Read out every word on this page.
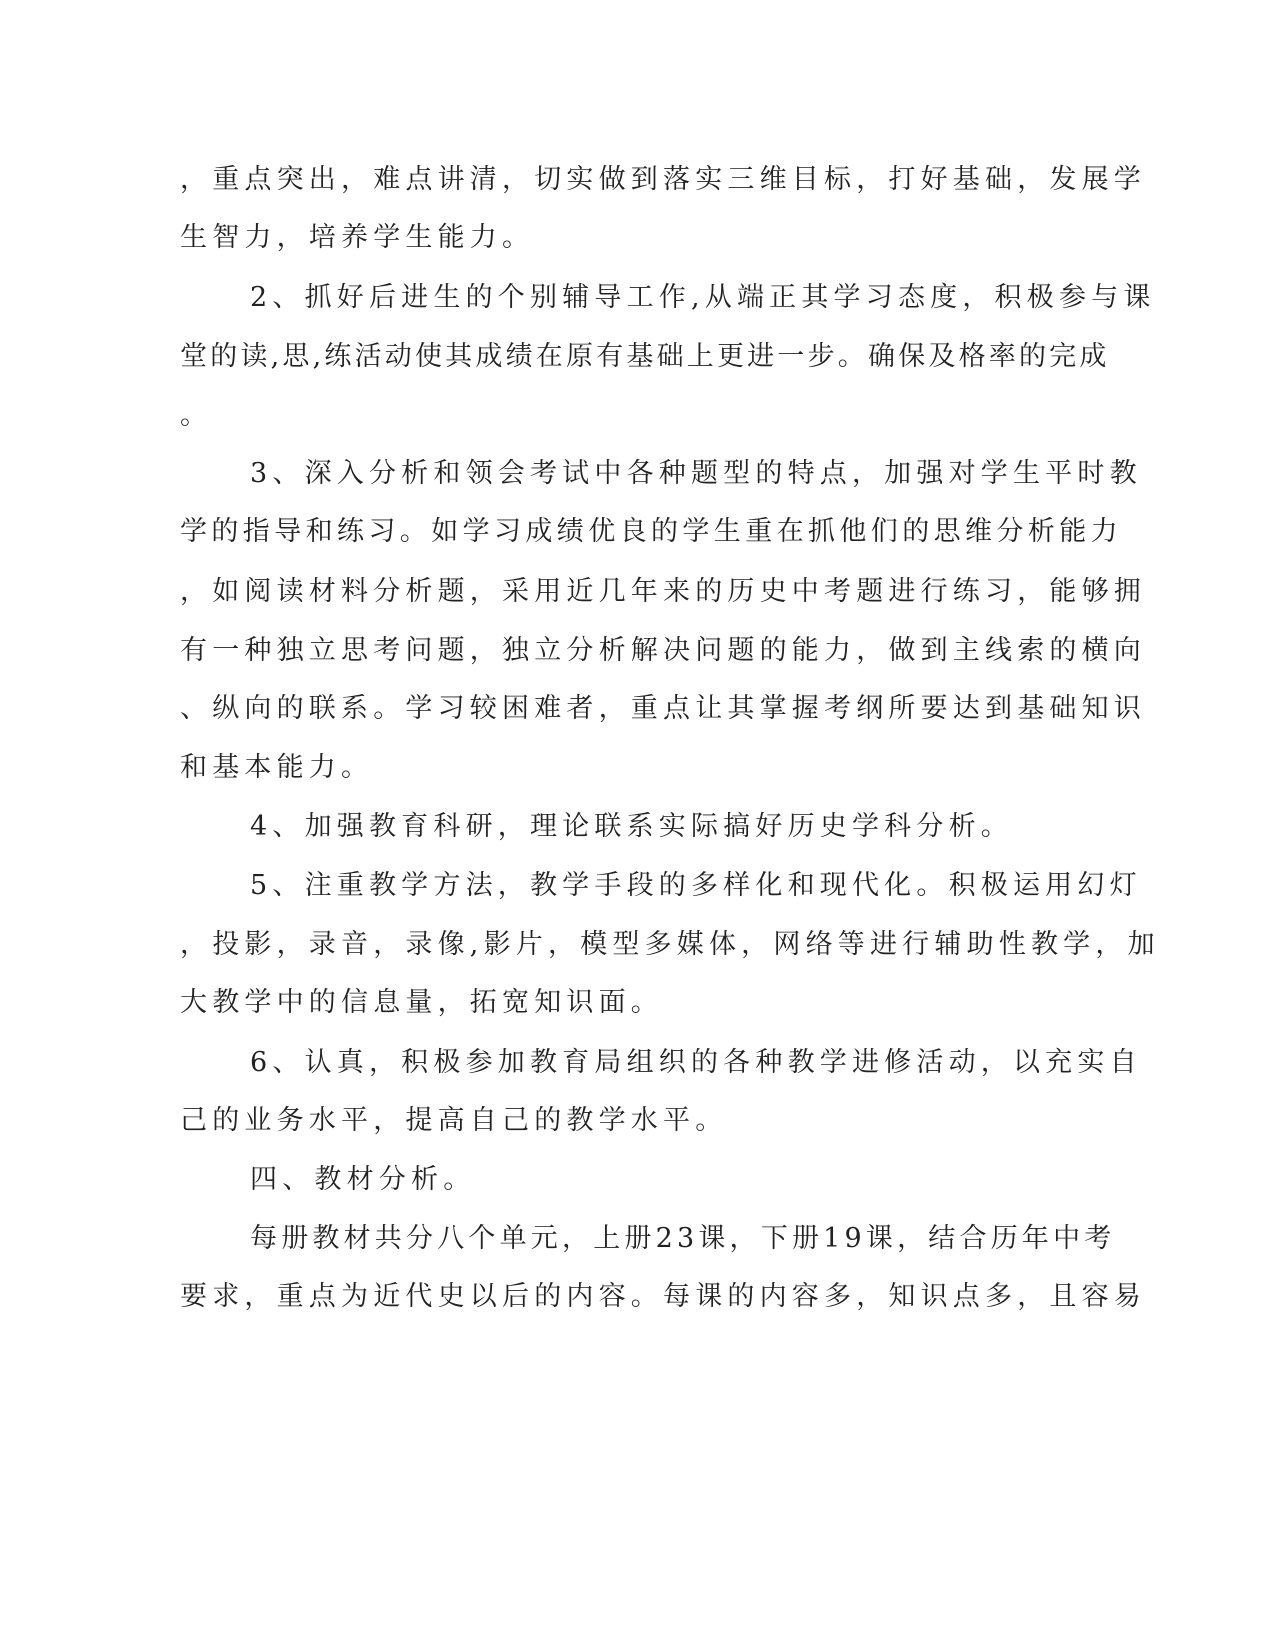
，重点突出，难点讲清，切实做到落实三维目标，打好基础，发展学
生智力，培养学生能力。
2、抓好后进生的个别辅导工作,从端正其学习态度，积极参与课
堂的读,思,练活动使其成绩在原有基础上更进一步。确保及格率的完成
。
3、深入分析和领会考试中各种题型的特点，加强对学生平时教
学的指导和练习。如学习成绩优良的学生重在抓他们的思维分析能力
，如阅读材料分析题，采用近几年来的历史中考题进行练习，能够拥
有一种独立思考问题，独立分析解决问题的能力，做到主线索的横向
、纵向的联系。学习较困难者，重点让其掌握考纲所要达到基础知识
和基本能力。
4、加强教育科研，理论联系实际搞好历史学科分析。
5、注重教学方法，教学手段的多样化和现代化。积极运用幻灯
，投影，录音，录像,影片，模型多媒体，网络等进行辅助性教学，加
大教学中的信息量，拓宽知识面。
6、认真，积极参加教育局组织的各种教学进修活动，以充实自
己的业务水平，提高自己的教学水平。
四、教材分析。
每册教材共分八个单元，上册23课，下册19课，结合历年中考
要求，重点为近代史以后的内容。每课的内容多，知识点多，且容易
